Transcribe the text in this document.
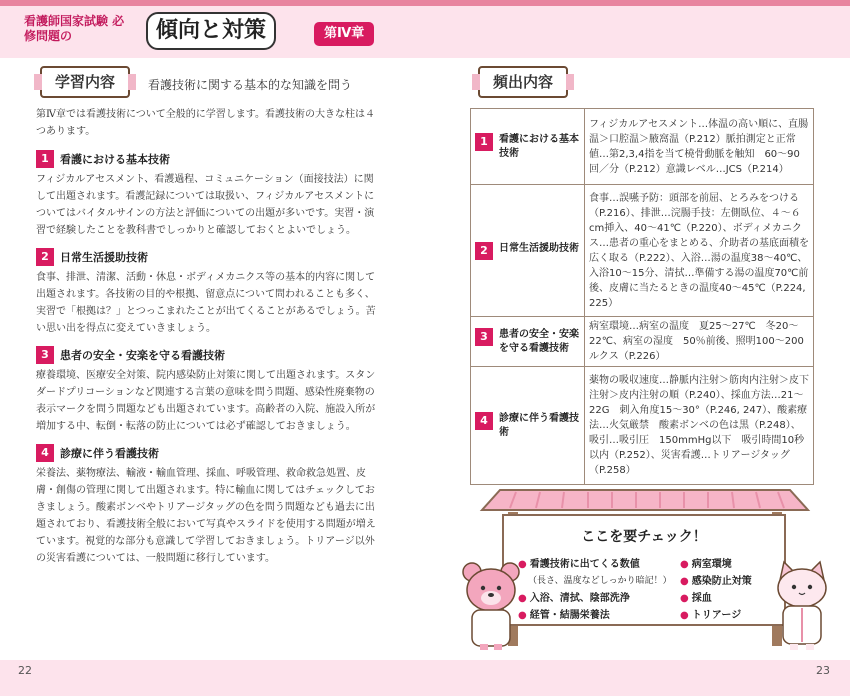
看護師国家試験 必修問題の	傾向と対策	第Ⅳ章
学習内容	看護技術に関する基本的な知識を問う

第Ⅳ章では看護技術について全般的に学習します。看護技術の大きな柱は４つあります。

1	看護における基本技術

フィジカルアセスメント、看護過程、コミュニケーション（面接技法）に関して出題されます。看護記録については取扱い、フィジカルアセスメントについてはバイタルサインの方法と評価についての出題が多いです。実習・演習で経験したことを教科書でしっかりと確認しておくとよいでしょう。

2	日常生活援助技術

食事、排泄、清潔、活動・休息・ボディメカニクス等の基本的内容に関して出題されます。各技術の目的や根拠、留意点について問われることも多く、実習で「根拠は？」とつっこまれたことが出てくることがあるでしょう。苦い思い出を得点に変えていきましょう。

3	患者の安全・安楽を守る看護技術

療養環境、医療安全対策、院内感染防止対策に関して出題されます。スタンダードプリコーションなど関連する言葉の意味を問う問題、感染性廃棄物の表示マークを問う問題なども出題されています。高齢者の入院、施設入所が増加する中、転倒・転落の防止については必ず確認しておきましょう。

4	診療に伴う看護技術

栄養法、薬物療法、輸液・輸血管理、採血、呼吸管理、救命救急処置、皮膚・創傷の管理に関して出題されます。特に輸血に関してはチェックしておきましょう。酸素ボンベやトリアージタッグの色を問う問題なども過去に出題されており、看護技術全般において写真やスライドを使用する問題が増えています。視覚的な部分も意識して学習しておきましょう。トリアージ以外の災害看護については、一般問題に移行しています。

頻出内容
1 看護における基本技術	フィジカルアセスメント…体温の高い順に、直腸温＞口腔温＞腋窩温（P.212）脈拍測定と正常値…第2,3,4指を当て橈骨動脈を触知　60～90回／分（P.212）意識レベル…JCS（P.214）

2 日常生活援助技術	食事…誤嚥予防：頭部を前屈、とろみをつける（P.216）、排泄…浣腸手技：左側臥位、４～６cm挿入、40～41℃（P.220）、ボディメカニクス…患者の重心をまとめる、介助者の基底面積を広く取る（P.222）、入浴…湯の温度38～40℃、入浴10～15分、清拭…準備する湯の温度70℃前後、皮膚に当たるときの温度40～45℃（P.224, 225）

3 患者の安全・安楽を守る看護技術	病室環境…病室の温度　夏25～27℃　冬20～22℃、病室の湿度　50％前後、照明100～200ルクス（P.226）

4 診療に伴う看護技術	薬物の吸収速度…静脈内注射＞筋肉内注射＞皮下注射＞皮内注射の順（P.240）、採血方法…21～22G　刺入角度15～30°（P.246, 247）、酸素療法…火気厳禁　酸素ボンベの色は黒（P.248）、吸引…吸引圧　150mmHg以下　吸引時間10秒以内（P.252）、災害看護…トリアージタッグ（P.258）
ここを要チェック！
● 看護技術に出てくる数値
（長さ、温度などしっかり暗記！）
● 入浴、清拭、陰部洗浄
● 経管・結腸栄養法
● 病室環境
● 感染防止対策
● 採血
● トリアージ
22	23
